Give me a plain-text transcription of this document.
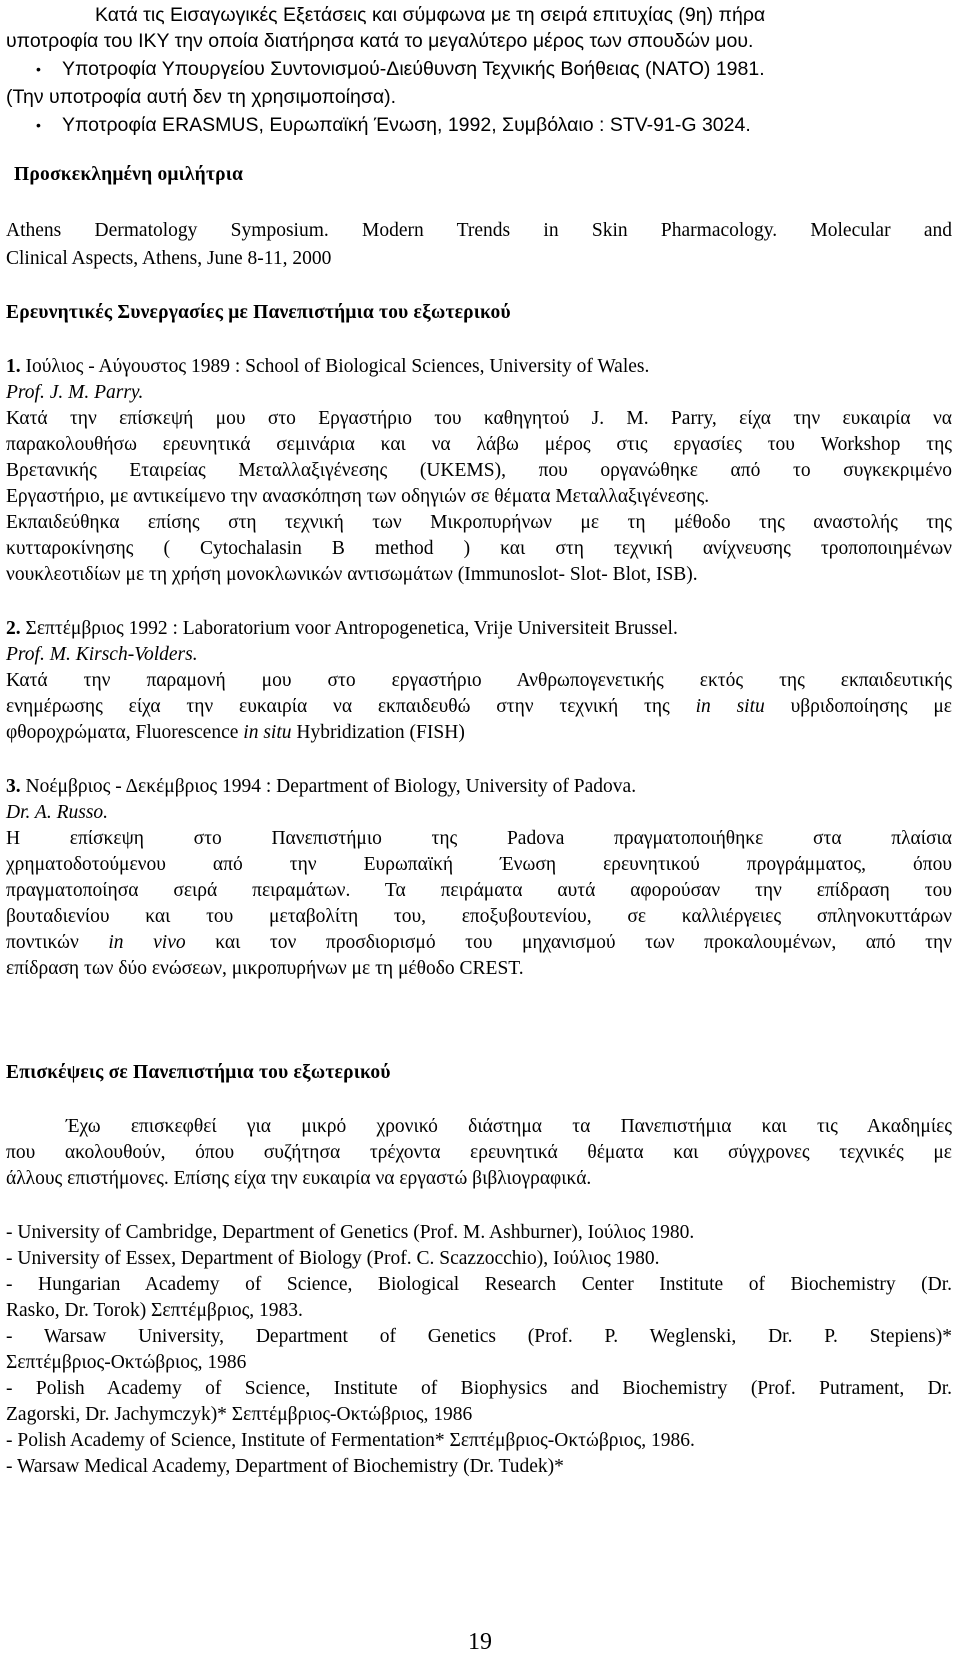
Κατά τις Εισαγωγικές Εξετάσεις και σύμφωνα με τη σειρά επιτυχίας (9η) πήρα
υποτροφία του ΙΚΥ την οποία διατήρησα κατά το μεγαλύτερο μέρος των σπουδών μου.
• Υποτροφία Υπουργείου Συντονισμού-Διεύθυνση Τεχνικής Βοήθειας (ΝΑΤΟ) 1981.
(Την υποτροφία αυτή δεν τη χρησιμοποίησα).
• Υποτροφία ERASMUS, Ευρωπαϊκή Ένωση, 1992, Συμβόλαιο : STV-91-G 3024.
Προσκεκλημένη ομιλήτρια
Athens Dermatology Symposium. Modern Trends in Skin Pharmacology. Molecular and
Clinical Aspects, Athens, June 8-11, 2000
Ερευνητικές Συνεργασίες με Πανεπιστήμια του εξωτερικού
1. Ιούλιος - Αύγουστος 1989 : School of Biological Sciences, University of Wales.
Prof. J. M. Parry.
Κατά την επίσκεψή μου στο Εργαστήριο του καθηγητού J. M. Parry, είχα την ευκαιρία να
παρακολουθήσω ερευνητικά σεμινάρια και να λάβω μέρος στις εργασίες του Workshop της
Βρετανικής Εταιρείας Μεταλλαξιγένεσης (UKEMS), που οργανώθηκε από το συγκεκριμένο
Εργαστήριο, με αντικείμενο την ανασκόπηση των οδηγιών σε θέματα Μεταλλαξιγένεσης.
Εκπαιδεύθηκα επίσης στη τεχνική των Μικροπυρήνων με τη μέθοδο της αναστολής της
κυτταροκίνησης ( Cytochalasin B method ) και στη τεχνική ανίχνευσης τροποποιημένων
νουκλεοτιδίων με τη χρήση μονοκλωνικών αντισωμάτων (Immunoslot- Slot- Blot, ISB).
2. Σεπτέμβριος 1992 : Laboratorium voor Antropogenetica, Vrije Universiteit Brussel.
Prof. M. Kirsch-Volders.
Κατά την παραμονή μου στο εργαστήριο Ανθρωπογενετικής εκτός της εκπαιδευτικής
ενημέρωσης είχα την ευκαιρία να εκπαιδευθώ στην τεχνική της in situ υβριδοποίησης με
φθοροχρώματα, Fluorescence in situ Hybridization (FISH)
3. Νοέμβριος - Δεκέμβριος 1994 : Department of Biology, University of Padova.
Dr. A. Russo.
Η επίσκεψη στο Πανεπιστήμιο της Padova πραγματοποιήθηκε στα πλαίσια
χρηματοδοτούμενου από την Ευρωπαϊκή Ένωση ερευνητικού προγράμματος, όπου
πραγματοποίησα σειρά πειραμάτων. Τα πειράματα αυτά αφορούσαν την επίδραση του
βουταδιενίου και του μεταβολίτη του, εποξυβουτενίου, σε καλλιέργειες σπληνοκυττάρων
ποντικών in vivo και τον προσδιορισμό του μηχανισμού των προκαλουμένων, από την
επίδραση των δύο ενώσεων, μικροπυρήνων με τη μέθοδο CREST.
Επισκέψεις σε Πανεπιστήμια του εξωτερικού
Έχω επισκεφθεί για μικρό χρονικό διάστημα τα Πανεπιστήμια και τις Ακαδημίες
που ακολουθούν, όπου συζήτησα τρέχοντα ερευνητικά θέματα και σύγχρονες τεχνικές με
άλλους επιστήμονες. Επίσης είχα την ευκαιρία να εργαστώ βιβλιογραφικά.
- University of Cambridge, Department of Genetics (Prof. M. Ashburner), Ιούλιος 1980.
- University of Essex, Department of Biology (Prof. C. Scazzocchio), Ιούλιος 1980.
- Hungarian Academy of Science, Biological Research Center Institute of Biochemistry (Dr.
Rasko, Dr. Torok) Σεπτέμβριος, 1983.
- Warsaw University, Department of Genetics (Prof. P. Weglenski, Dr. P. Stepiens)*
Σεπτέμβριος-Οκτώβριος, 1986
- Polish Academy of Science, Institute of Biophysics and Biochemistry (Prof. Putrament, Dr.
Zagorski, Dr. Jachymczyk)* Σεπτέμβριος-Οκτώβριος, 1986
- Polish Academy of Science, Institute of Fermentation* Σεπτέμβριος-Οκτώβριος, 1986.
- Warsaw Medical Academy, Department of Biochemistry (Dr. Tudek)*
19
